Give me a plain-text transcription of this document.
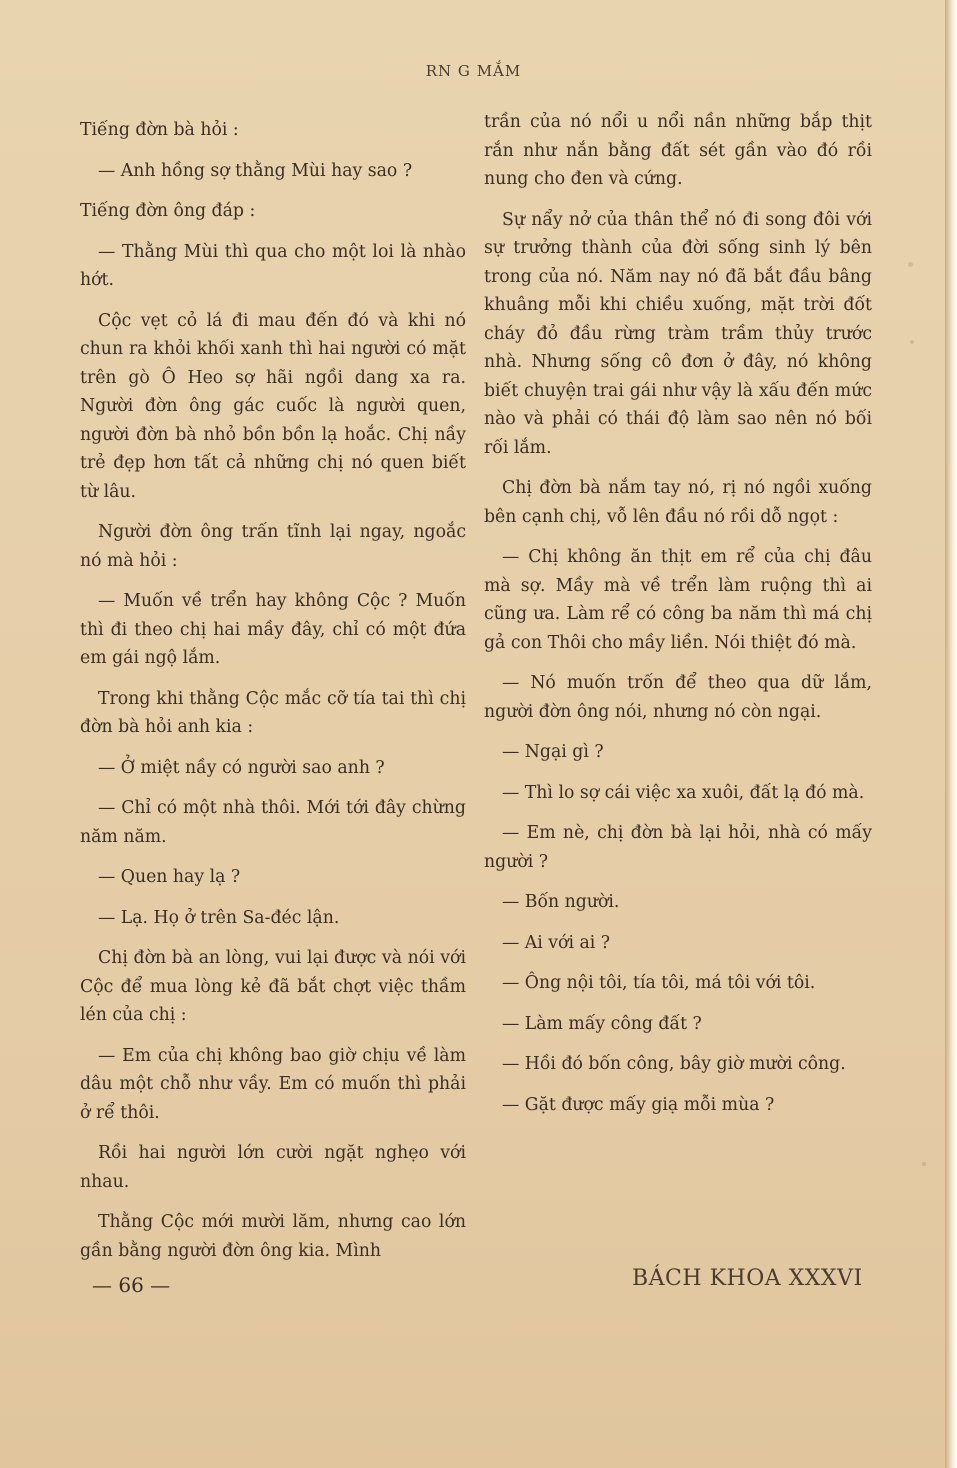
RN G MẮM

Tiếng đờn bà hỏi :

— Anh hồng sợ thằng Mùi hay sao ?

Tiếng đờn ông đáp :

— Thằng Mùi thì qua cho một loi là nhào hớt.

Cộc vẹt cỏ lá đi mau đến đó và khi nó chun ra khỏi khối xanh thì hai người có mặt trên gò Ô Heo sợ hãi ngồi dang xa ra. Người đờn ông gác cuốc là người quen, người đờn bà nhỏ bồn bồn lạ hoắc. Chị nầy trẻ đẹp hơn tất cả những chị nó quen biết từ lâu.

Người đờn ông trấn tĩnh lại ngay, ngoắc nó mà hỏi :

— Muốn về trển hay không Cộc ? Muốn thì đi theo chị hai mầy đây, chỉ có một đứa em gái ngộ lắm.

Trong khi thằng Cộc mắc cỡ tía tai thì chị đờn bà hỏi anh kia :

— Ở miệt nầy có người sao anh ?

— Chỉ có một nhà thôi. Mới tới đây chừng năm năm.

— Quen hay lạ ?

— Lạ. Họ ở trên Sa-đéc lận.

Chị đờn bà an lòng, vui lại được và nói với Cộc để mua lòng kẻ đã bắt chợt việc thầm lén của chị :

— Em của chị không bao giờ chịu về làm dâu một chỗ như vầy. Em có muốn thì phải ở rể thôi.

Rồi hai người lớn cười ngặt nghẹo với nhau.

Thằng Cộc mới mười lăm, nhưng cao lớn gần bằng người đờn ông kia. Mình

trần của nó nổi u nổi nần những bắp thịt rắn như nắn bằng đất sét gần vào đó rồi nung cho đen và cứng.

Sự nẩy nở của thân thể nó đi song đôi với sự trưởng thành của đời sống sinh lý bên trong của nó. Năm nay nó đã bắt đầu bâng khuâng mỗi khi chiều xuống, mặt trời đốt cháy đỏ đầu rừng tràm trầm thủy trước nhà. Nhưng sống cô đơn ở đây, nó không biết chuyện trai gái như vậy là xấu đến mức nào và phải có thái độ làm sao nên nó bối rối lắm.

Chị đờn bà nắm tay nó, rị nó ngồi xuống bên cạnh chị, vỗ lên đầu nó rồi dỗ ngọt :

— Chị không ăn thịt em rể của chị đâu mà sợ. Mầy mà về trển làm ruộng thì ai cũng ưa. Làm rể có công ba năm thì má chị gả con Thôi cho mầy liền. Nói thiệt đó mà.

— Nó muốn trốn để theo qua dữ lắm, người đờn ông nói, nhưng nó còn ngại.

— Ngại gì ?

— Thì lo sợ cái việc xa xuôi, đất lạ đó mà.

— Em nè, chị đờn bà lại hỏi, nhà có mấy người ?

— Bốn người.

— Ai với ai ?

— Ông nội tôi, tía tôi, má tôi với tôi.

— Làm mấy công đất ?

— Hồi đó bốn công, bây giờ mười công.

— Gặt được mấy giạ mỗi mùa ?

— 66 —	BÁCH KHOA XXXVI
